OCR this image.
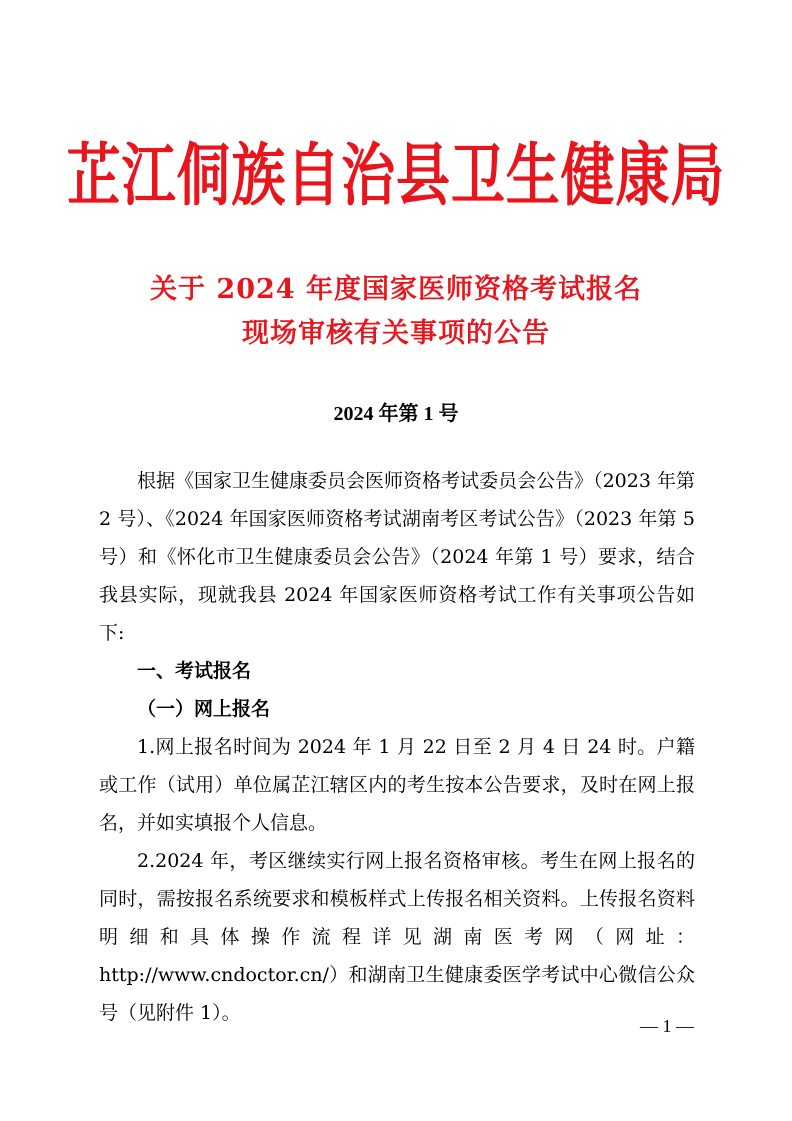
芷江侗族自治县卫生健康局
关于 2024 年度国家医师资格考试报名
现场审核有关事项的公告
2024 年第 1 号

根据《国家卫生健康委员会医师资格考试委员会公告》（2023 年第 2 号）、《2024 年国家医师资格考试湖南考区考试公告》（2023 年第 5 号）和《怀化市卫生健康委员会公告》（2024 年第 1 号）要求，结合我县实际，现就我县 2024 年国家医师资格考试工作有关事项公告如下:

一、考试报名

（一）网上报名

1.网上报名时间为 2024 年 1 月 22 日至 2 月 4 日 24 时。户籍或工作（试用）单位属芷江辖区内的考生按本公告要求，及时在网上报名，并如实填报个人信息。

2.2024 年，考区继续实行网上报名资格审核。考生在网上报名的同时，需按报名系统要求和模板样式上传报名相关资料。上传报名资料明细和具体操作流程详见湖南医考网（网址：http://www.cndoctor.cn/）和湖南卫生健康委医学考试中心微信公众号（见附件 1）。

— 1 —
